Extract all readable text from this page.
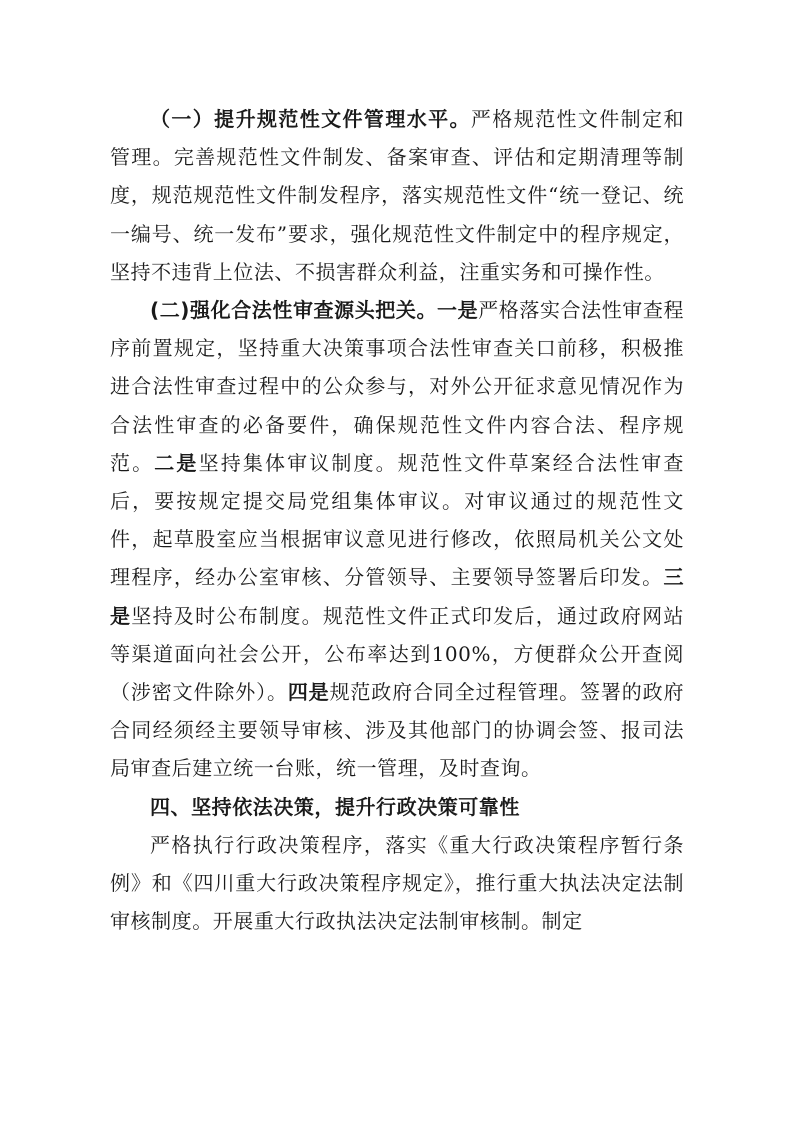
（一）提升规范性文件管理水平。严格规范性文件制定和管理。完善规范性文件制发、备案审查、评估和定期清理等制度，规范规范性文件制发程序，落实规范性文件“统一登记、统一编号、统一发布”要求，强化规范性文件制定中的程序规定，坚持不违背上位法、不损害群众利益，注重实务和可操作性。

(二)强化合法性审查源头把关。一是严格落实合法性审查程序前置规定，坚持重大决策事项合法性审查关口前移，积极推进合法性审查过程中的公众参与，对外公开征求意见情况作为合法性审查的必备要件，确保规范性文件内容合法、程序规范。二是坚持集体审议制度。规范性文件草案经合法性审查后，要按规定提交局党组集体审议。对审议通过的规范性文件，起草股室应当根据审议意见进行修改，依照局机关公文处理程序，经办公室审核、分管领导、主要领导签署后印发。三是坚持及时公布制度。规范性文件正式印发后，通过政府网站等渠道面向社会公开，公布率达到100%，方便群众公开查阅（涉密文件除外）。四是规范政府合同全过程管理。签署的政府合同经须经主要领导审核、涉及其他部门的协调会签、报司法局审查后建立统一台账，统一管理，及时查询。

四、坚持依法决策，提升行政决策可靠性

严格执行行政决策程序，落实《重大行政决策程序暂行条例》和《四川重大行政决策程序规定》，推行重大执法决定法制审核制度。开展重大行政执法决定法制审核制。制定
